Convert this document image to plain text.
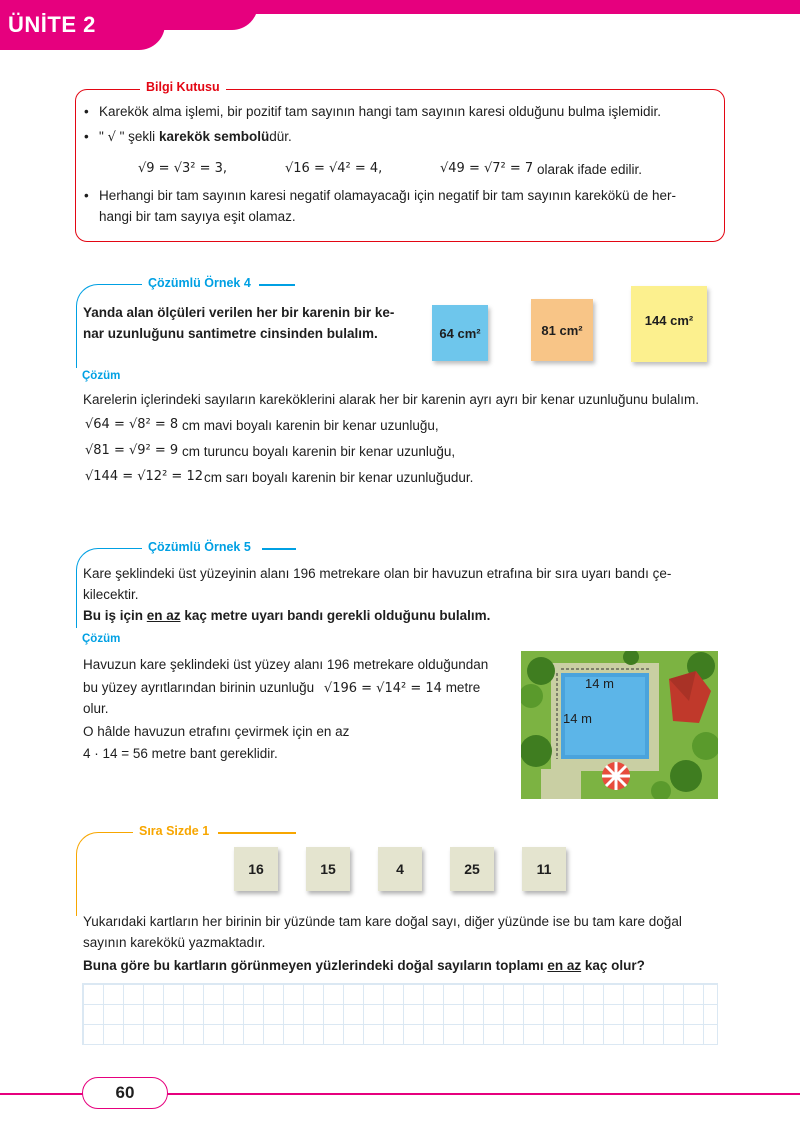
ÜNİTE 2
Bilgi Kutusu
• Karekök alma işlemi, bir pozitif tam sayının hangi tam sayının karesi olduğunu bulma işlemidir.
• " √ " şekli karekök sembolüdür.
√9 = √3² = 3,	√16 = √4² = 4,	√49 = √7² = 7 olarak ifade edilir.
• Herhangi bir tam sayının karesi negatif olamayacağı için negatif bir tam sayının karekökü de her-
hangi bir tam sayıya eşit olamaz.
Çözümlü Örnek 4
Yanda alan ölçüleri verilen her bir karenin bir ke-
nar uzunluğunu santimetre cinsinden bulalım.	64 cm²	81 cm²
144 cm²
Çözüm
Karelerin içlerindeki sayıların kareköklerini alarak her bir karenin ayrı ayrı bir kenar uzunluğunu bulalım.
√64 = √8² = 8 cm mavi boyalı karenin bir kenar uzunluğu,
√81 = √9² = 9 cm turuncu boyalı karenin bir kenar uzunluğu,
√144 = √12² = 12 cm sarı boyalı karenin bir kenar uzunluğudur.
Çözümlü Örnek 5
Kare şeklindeki üst yüzeyinin alanı 196 metrekare olan bir havuzun etrafına bir sıra uyarı bandı çe-
kilecektir.
Bu iş için en az kaç metre uyarı bandı gerekli olduğunu bulalım.
Çözüm
Havuzun kare şeklindeki üst yüzey alanı 196 metrekare olduğundan
bu yüzey ayrıtlarından birinin uzunluğu √196 = √14² = 14 metre
olur.
O hâlde havuzun etrafını çevirmek için en az
4 · 14 = 56 metre bant gereklidir.
14 m
14 m
Sıra Sizde 1
16	15	4	25	11
Yukarıdaki kartların her birinin bir yüzünde tam kare doğal sayı, diğer yüzünde ise bu tam kare doğal
sayının karekökü yazmaktadır.
Buna göre bu kartların görünmeyen yüzlerindeki doğal sayıların toplamı en az kaç olur?
60
